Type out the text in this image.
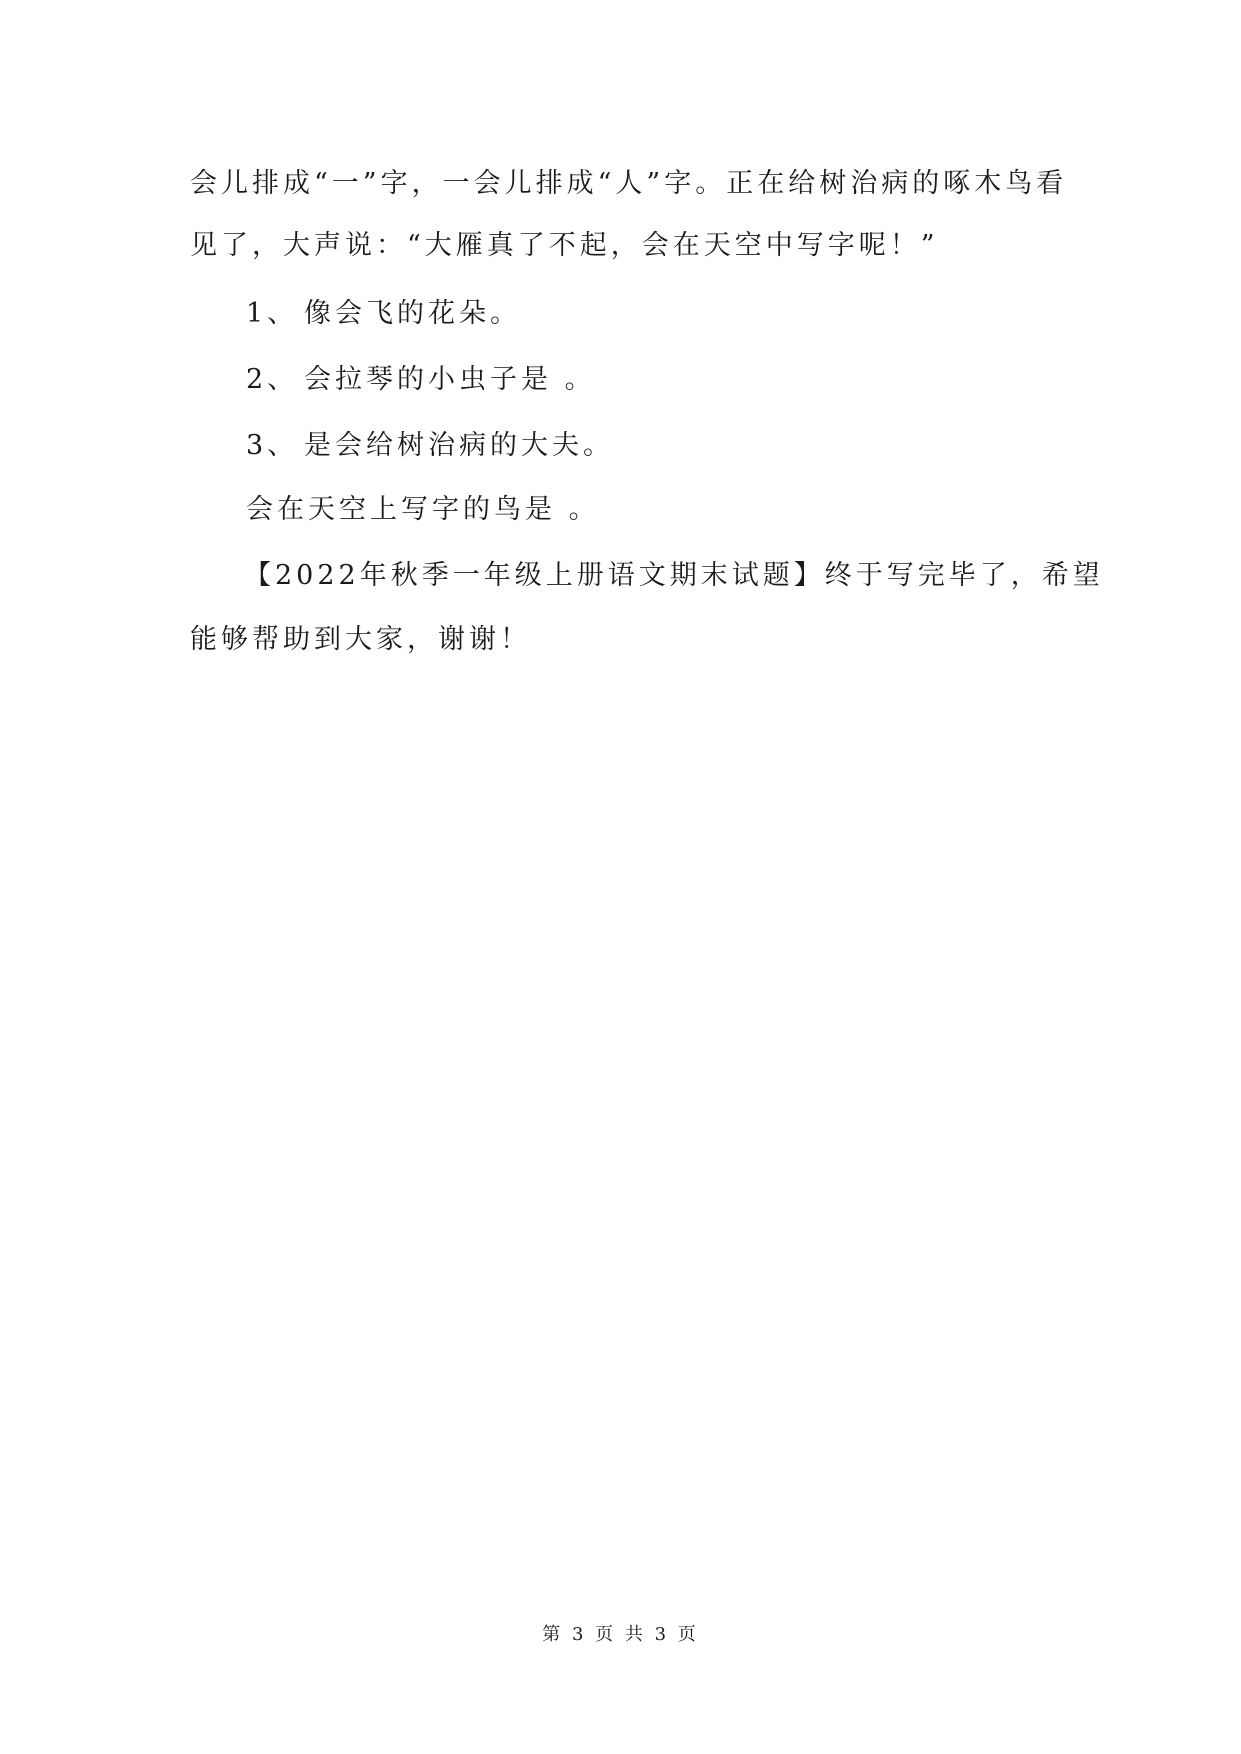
会儿排成“一”字，一会儿排成“人”字。正在给树治病的啄木鸟看
见了，大声说：“大雁真了不起，会在天空中写字呢！”
1、 像会飞的花朵。
2、 会拉琴的小虫子是 。
3、 是会给树治病的大夫。
会在天空上写字的鸟是 。
【2022年秋季一年级上册语文期末试题】终于写完毕了，希望
能够帮助到大家，谢谢！
第 3 页 共 3 页
